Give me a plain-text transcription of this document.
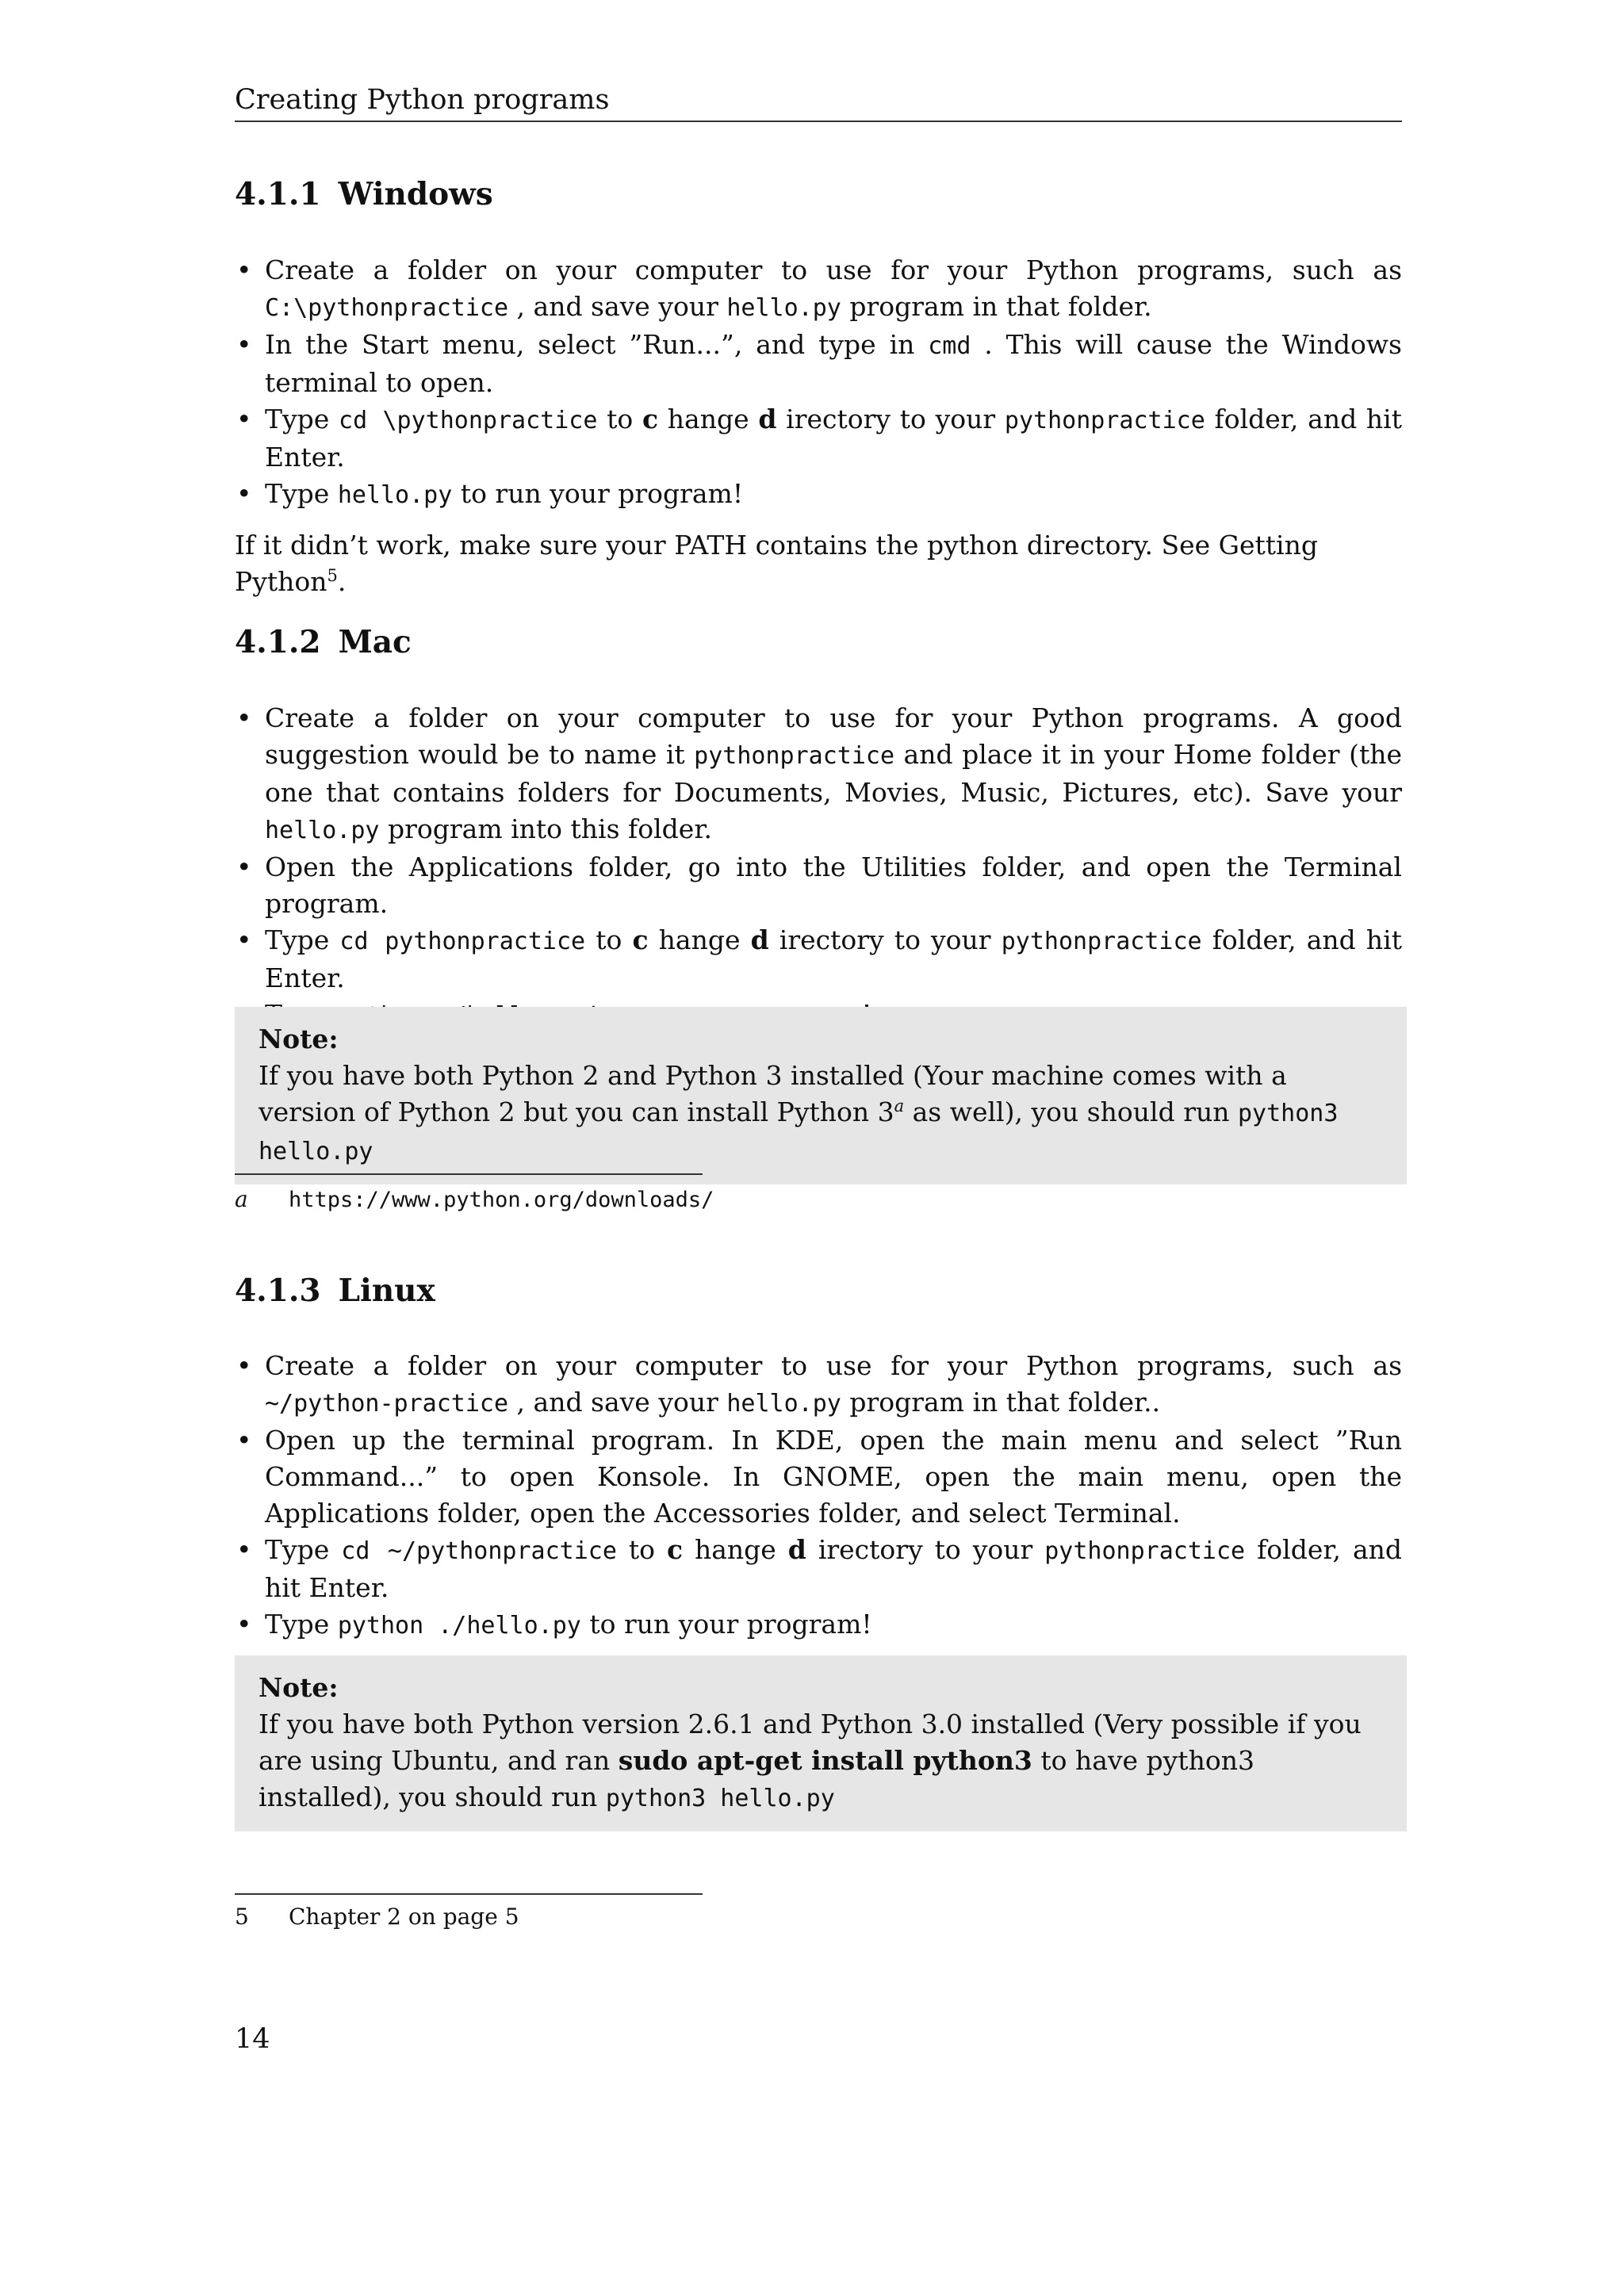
Creating Python programs
4.1.1 Windows
• Create a folder on your computer to use for your Python programs, such as C:\pythonpractice , and save your hello.py program in that folder.
• In the Start menu, select ”Run...”, and type in cmd . This will cause the Windows terminal to open.
• Type cd \pythonpractice to c hange d irectory to your pythonpractice folder, and hit Enter.
• Type hello.py to run your program!

If it didn’t work, make sure your PATH contains the python directory. See Getting Python$^5$.

4.1.2 Mac
• Create a folder on your computer to use for your Python programs. A good suggestion would be to name it pythonpractice and place it in your Home folder (the one that contains folders for Documents, Movies, Music, Pictures, etc). Save your hello.py program into this folder.
• Open the Applications folder, go into the Utilities folder, and open the Terminal program.
• Type cd pythonpractice to c hange d irectory to your pythonpractice folder, and hit Enter.
•
Note:
If you have both Python 2 and Python 3 installed (Your machine comes with a version of Python 2 but you can install Python 3$^a$ as well), you should run python3 hello.py
a https://www.python.org/downloads/
4.1.3 Linux
• Create a folder on your computer to use for your Python programs, such as ~/python-practice , and save your hello.py program in that folder..
• Open up the terminal program. In KDE, open the main menu and select ”Run Command...” to open Konsole. In GNOME, open the main menu, open the Applications folder, open the Accessories folder, and select Terminal.
• Type cd ~/pythonpractice to c hange d irectory to your pythonpractice folder, and hit Enter.
• Type python ./hello.py to run your program!
Note:
If you have both Python version 2.6.1 and Python 3.0 installed (Very possible if you are using Ubuntu, and ran sudo apt-get install python3 to have python3 installed), you should run python3 hello.py
5 Chapter 2 on page 5
14
